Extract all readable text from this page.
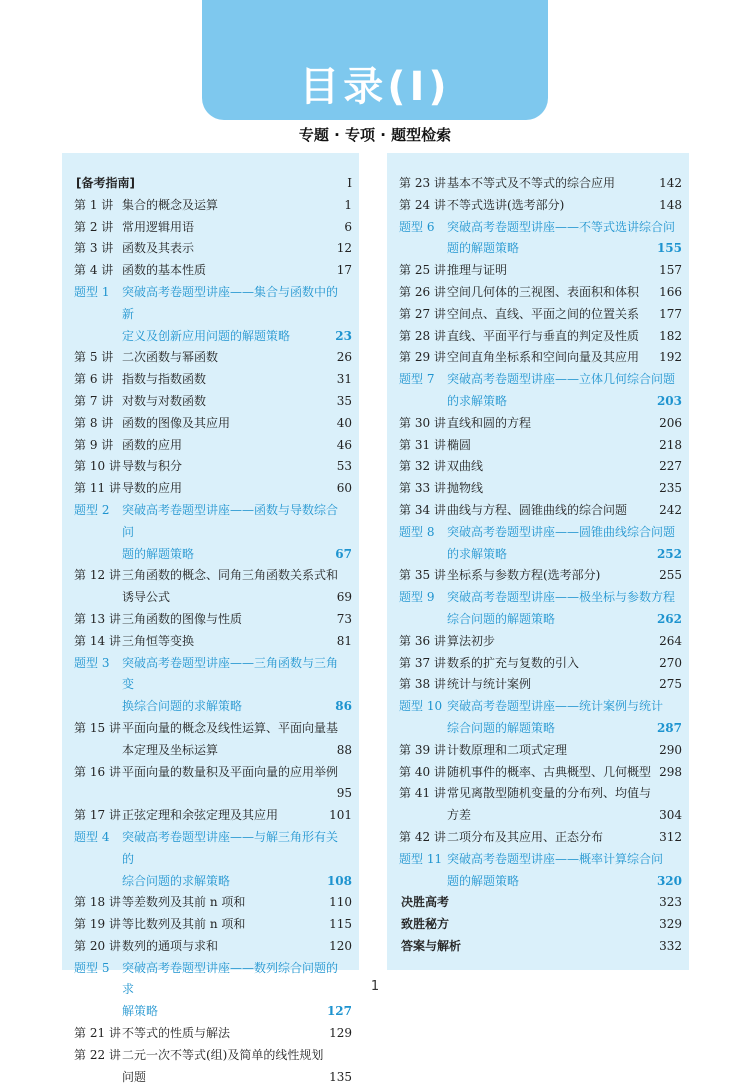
目录(I)
专题 · 专项 · 题型检索
[备考指南]	I
第 1 讲 集合的概念及运算	1
第 2 讲 常用逻辑用语	6
第 3 讲 函数及其表示	12
第 4 讲 函数的基本性质	17
题型 1	突破高考卷题型讲座——集合与函数中的新
定义及创新应用问题的解题策略	23
第 5 讲 二次函数与幂函数	26
第 6 讲 指数与指数函数	31
第 7 讲 对数与对数函数	35
第 8 讲 函数的图像及其应用	40
第 9 讲 函数的应用	46
第 10 讲 导数与积分	53
第 11 讲 导数的应用	60
题型 2	突破高考卷题型讲座——函数与导数综合问
题的解题策略	67
第 12 讲 三角函数的概念、同角三角函数关系式和
诱导公式	69
第 13 讲 三角函数的图像与性质	73
第 14 讲 三角恒等变换	81
题型 3	突破高考卷题型讲座——三角函数与三角变
换综合问题的求解策略	86
第 15 讲 平面向量的概念及线性运算、平面向量基
本定理及坐标运算	88
第 16 讲 平面向量的数量积及平面向量的应用举例
95
第 17 讲 正弦定理和余弦定理及其应用	101
题型 4	突破高考卷题型讲座——与解三角形有关的
综合问题的求解策略	108
第 18 讲 等差数列及其前 n 项和	110
第 19 讲 等比数列及其前 n 项和	115
第 20 讲 数列的通项与求和	120
题型 5	突破高考卷题型讲座——数列综合问题的求
解策略	127
第 21 讲 不等式的性质与解法	129
第 22 讲 二元一次不等式(组)及简单的线性规划
问题	135
第 23 讲 基本不等式及不等式的综合应用	142
第 24 讲 不等式选讲(选考部分)	148
题型 6	突破高考卷题型讲座——不等式选讲综合问
题的解题策略	155
第 25 讲 推理与证明	157
第 26 讲 空间几何体的三视图、表面积和体积	166
第 27 讲 空间点、直线、平面之间的位置关系	177
第 28 讲 直线、平面平行与垂直的判定及性质	182
第 29 讲 空间直角坐标系和空间向量及其应用	192
题型 7	突破高考卷题型讲座——立体几何综合问题
的求解策略	203
第 30 讲 直线和圆的方程	206
第 31 讲 椭圆	218
第 32 讲 双曲线	227
第 33 讲 抛物线	235
第 34 讲 曲线与方程、圆锥曲线的综合问题	242
题型 8	突破高考卷题型讲座——圆锥曲线综合问题
的求解策略	252
第 35 讲 坐标系与参数方程(选考部分)	255
题型 9	突破高考卷题型讲座——极坐标与参数方程
综合问题的解题策略	262
第 36 讲 算法初步	264
第 37 讲 数系的扩充与复数的引入	270
第 38 讲 统计与统计案例	275
题型 10 突破高考卷题型讲座——统计案例与统计
综合问题的解题策略	287
第 39 讲 计数原理和二项式定理	290
第 40 讲 随机事件的概率、古典概型、几何概型 298
第 41 讲 常见离散型随机变量的分布列、均值与
方差	304
第 42 讲 二项分布及其应用、正态分布	312
题型 11 突破高考卷题型讲座——概率计算综合问
题的解题策略	320
决胜高考	323
致胜秘方	329
答案与解析	332
1
